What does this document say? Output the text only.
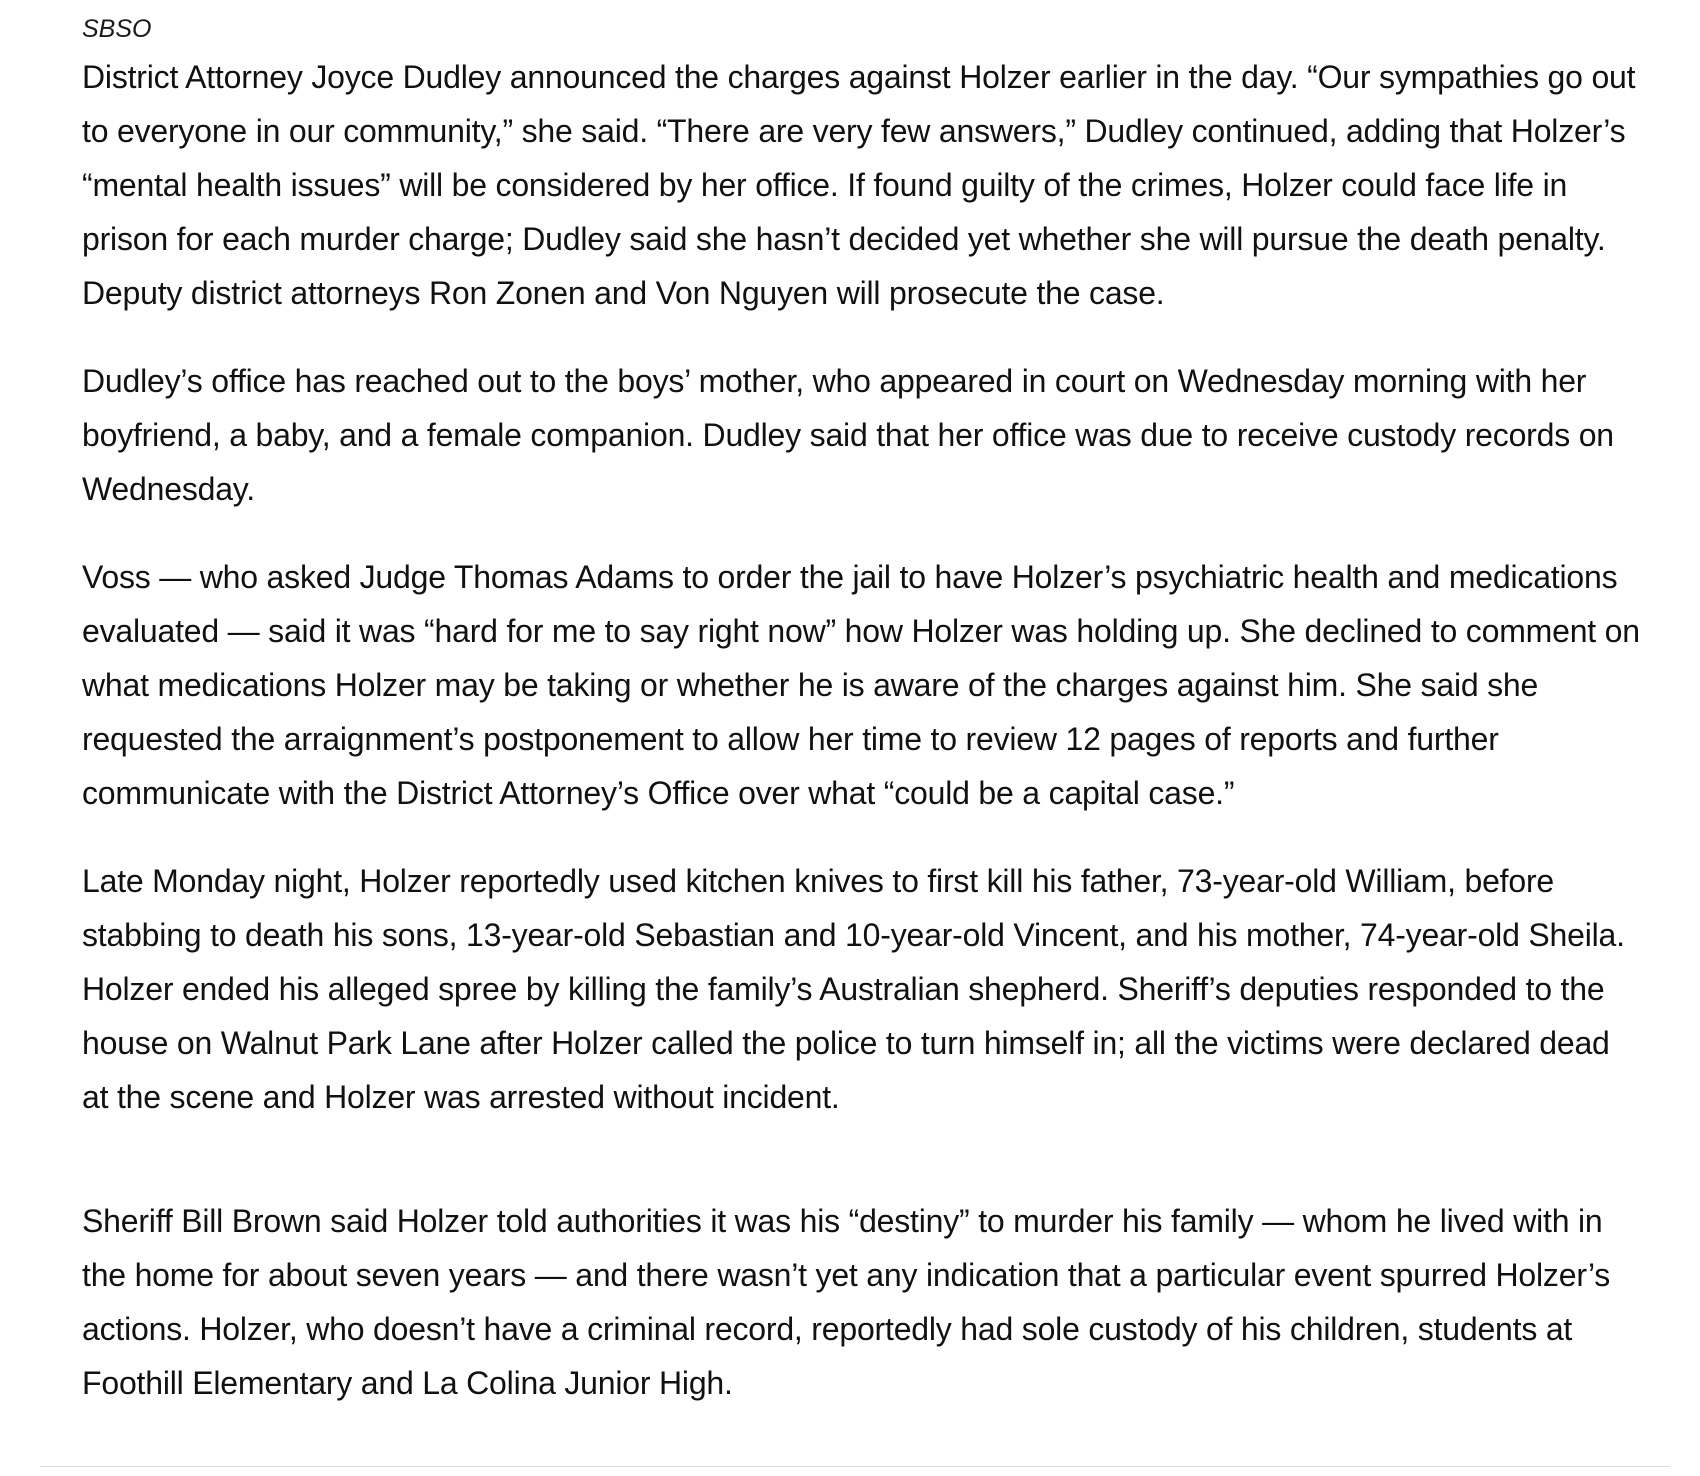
SBSO

District Attorney Joyce Dudley announced the charges against Holzer earlier in the day. “Our sympathies go out to everyone in our community,” she said. “There are very few answers,” Dudley continued, adding that Holzer’s “mental health issues” will be considered by her office. If found guilty of the crimes, Holzer could face life in prison for each murder charge; Dudley said she hasn’t decided yet whether she will pursue the death penalty. Deputy district attorneys Ron Zonen and Von Nguyen will prosecute the case.

Dudley’s office has reached out to the boys’ mother, who appeared in court on Wednesday morning with her boyfriend, a baby, and a female companion. Dudley said that her office was due to receive custody records on Wednesday.

Voss — who asked Judge Thomas Adams to order the jail to have Holzer’s psychiatric health and medications evaluated — said it was “hard for me to say right now” how Holzer was holding up. She declined to comment on what medications Holzer may be taking or whether he is aware of the charges against him. She said she requested the arraignment’s postponement to allow her time to review 12 pages of reports and further communicate with the District Attorney’s Office over what “could be a capital case.”

Late Monday night, Holzer reportedly used kitchen knives to first kill his father, 73-year-old William, before stabbing to death his sons, 13-year-old Sebastian and 10-year-old Vincent, and his mother, 74-year-old Sheila. Holzer ended his alleged spree by killing the family’s Australian shepherd. Sheriff’s deputies responded to the house on Walnut Park Lane after Holzer called the police to turn himself in; all the victims were declared dead at the scene and Holzer was arrested without incident.

Sheriff Bill Brown said Holzer told authorities it was his “destiny” to murder his family — whom he lived with in the home for about seven years — and there wasn’t yet any indication that a particular event spurred Holzer’s actions. Holzer, who doesn’t have a criminal record, reportedly had sole custody of his children, students at Foothill Elementary and La Colina Junior High.
